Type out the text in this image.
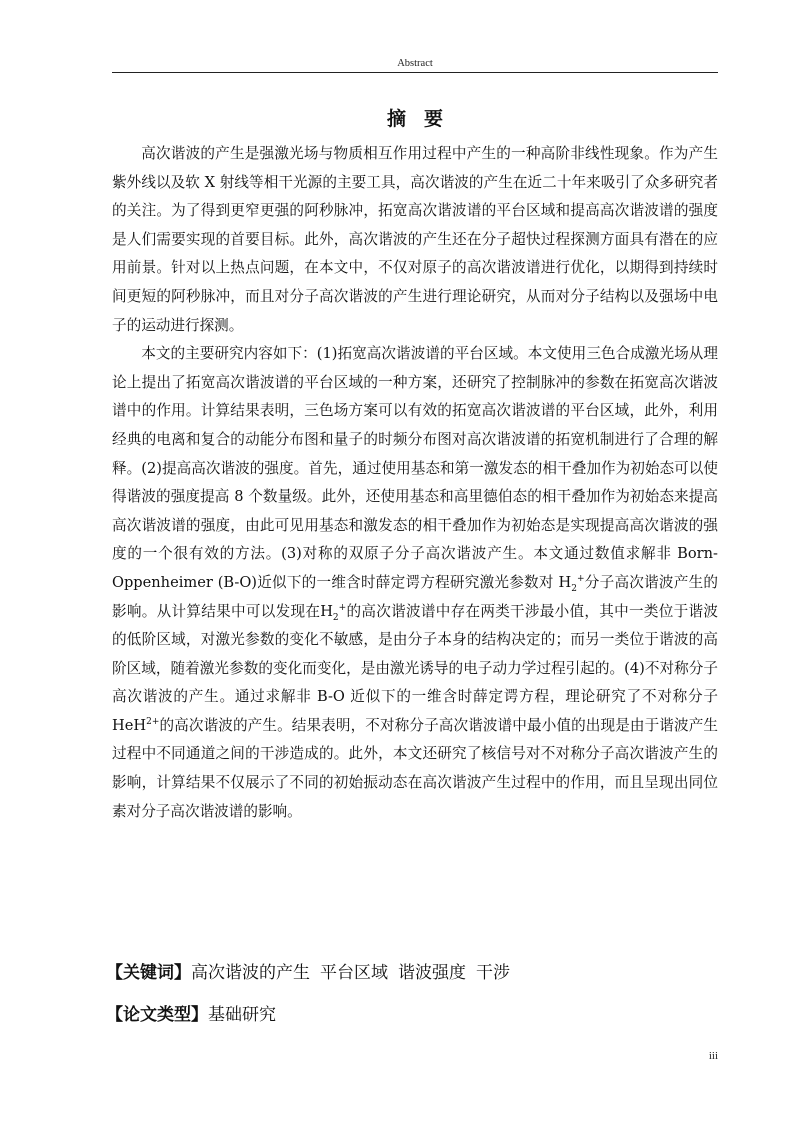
Abstract
摘要

高次谐波的产生是强激光场与物质相互作用过程中产生的一种高阶非线性现象。作为产生紫外线以及软 X 射线等相干光源的主要工具，高次谐波的产生在近二十年来吸引了众多研究者的关注。为了得到更窄更强的阿秒脉冲，拓宽高次谐波谱的平台区域和提高高次谐波谱的强度是人们需要实现的首要目标。此外，高次谐波的产生还在分子超快过程探测方面具有潜在的应用前景。针对以上热点问题，在本文中，不仅对原子的高次谐波谱进行优化，以期得到持续时间更短的阿秒脉冲，而且对分子高次谐波的产生进行理论研究，从而对分子结构以及强场中电子的运动进行探测。

本文的主要研究内容如下：(1)拓宽高次谐波谱的平台区域。本文使用三色合成激光场从理论上提出了拓宽高次谐波谱的平台区域的一种方案，还研究了控制脉冲的参数在拓宽高次谐波谱中的作用。计算结果表明，三色场方案可以有效的拓宽高次谐波谱的平台区域，此外，利用经典的电离和复合的动能分布图和量子的时频分布图对高次谐波谱的拓宽机制进行了合理的解释。(2)提高高次谐波的强度。首先，通过使用基态和第一激发态的相干叠加作为初始态可以使得谐波的强度提高 8 个数量级。此外，还使用基态和高里德伯态的相干叠加作为初始态来提高高次谐波谱的强度，由此可见用基态和激发态的相干叠加作为初始态是实现提高高次谐波的强度的一个很有效的方法。(3)对称的双原子分子高次谐波产生。本文通过数值求解非 Born-Oppenheimer (B-O)近似下的一维含时薛定谔方程研究激光参数对 $H_2^+$分子高次谐波产生的影响。从计算结果中可以发现在$H_2^+$的高次谐波谱中存在两类干涉最小值，其中一类位于谐波的低阶区域，对激光参数的变化不敏感，是由分子本身的结构决定的；而另一类位于谐波的高阶区域，随着激光参数的变化而变化，是由激光诱导的电子动力学过程引起的。(4)不对称分子高次谐波的产生。通过求解非 B-O 近似下的一维含时薛定谔方程，理论研究了不对称分子 HeH$^{2+}$的高次谐波的产生。结果表明，不对称分子高次谐波谱中最小值的出现是由于谐波产生过程中不同通道之间的干涉造成的。此外，本文还研究了核信号对不对称分子高次谐波产生的影响，计算结果不仅展示了不同的初始振动态在高次谐波产生过程中的作用，而且呈现出同位素对分子高次谐波谱的影响。

【关键词】高次谐波的产生 平台区域 谐波强度 干涉
【论文类型】基础研究
iii
